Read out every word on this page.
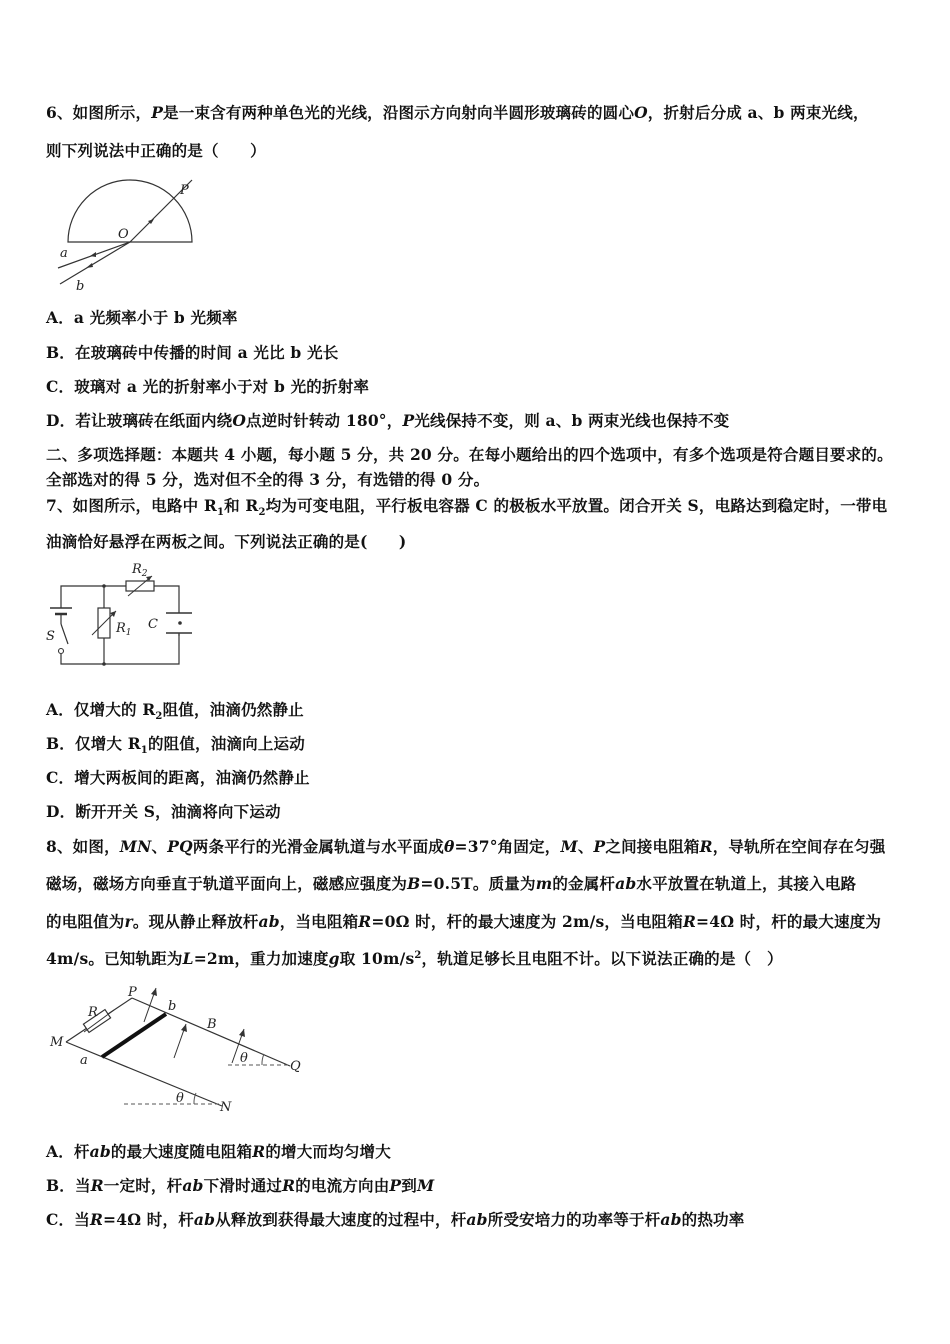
6、如图所示，P是一束含有两种单色光的光线，沿图示方向射向半圆形玻璃砖的圆心O，折射后分成 a、b 两束光线，
则下列说法中正确的是（　　）
P
O
a
b
A．a 光频率小于 b 光频率
B．在玻璃砖中传播的时间 a 光比 b 光长
C．玻璃对 a 光的折射率小于对 b 光的折射率
D．若让玻璃砖在纸面内绕O点逆时针转动 180°，P光线保持不变，则 a、b 两束光线也保持不变
二、多项选择题：本题共 4 小题，每小题 5 分，共 20 分。在每小题给出的四个选项中，有多个选项是符合题目要求的。
全部选对的得 5 分，选对但不全的得 3 分，有选错的得 0 分。
7、如图所示，电路中 $R_1$和 $R_2$均为可变电阻，平行板电容器 C 的极板水平放置。闭合开关 S，电路达到稳定时，一带电
油滴恰好悬浮在两板之间。下列说法正确的是(　　)
$R_2$
$R_1$
C
S
A．仅增大的 $R_2$阻值，油滴仍然静止
B．仅增大 $R_1$的阻值，油滴向上运动
C．增大两板间的距离，油滴仍然静止
D．断开开关 S，油滴将向下运动
8、如图，MN、PQ两条平行的光滑金属轨道与水平面成θ=37°角固定，M、P之间接电阻箱R，导轨所在空间存在匀强
磁场，磁场方向垂直于轨道平面向上，磁感应强度为B=0.5T。质量为m的金属杆ab水平放置在轨道上，其接入电路
的电阻值为r。现从静止释放杆ab，当电阻箱R=0Ω 时，杆的最大速度为 2m/s，当电阻箱R=4Ω 时，杆的最大速度为
4m/s。已知轨距为L=2m，重力加速度g取 $10m/s^2$，轨道足够长且电阻不计。以下说法正确的是（　）
M
R
P
b
B
a	θ
Q
θ
N
A．杆ab的最大速度随电阻箱R的增大而均匀增大
B．当R一定时，杆ab下滑时通过R的电流方向由P到M
C．当R=4Ω 时，杆ab从释放到获得最大速度的过程中，杆ab所受安培力的功率等于杆ab的热功率
